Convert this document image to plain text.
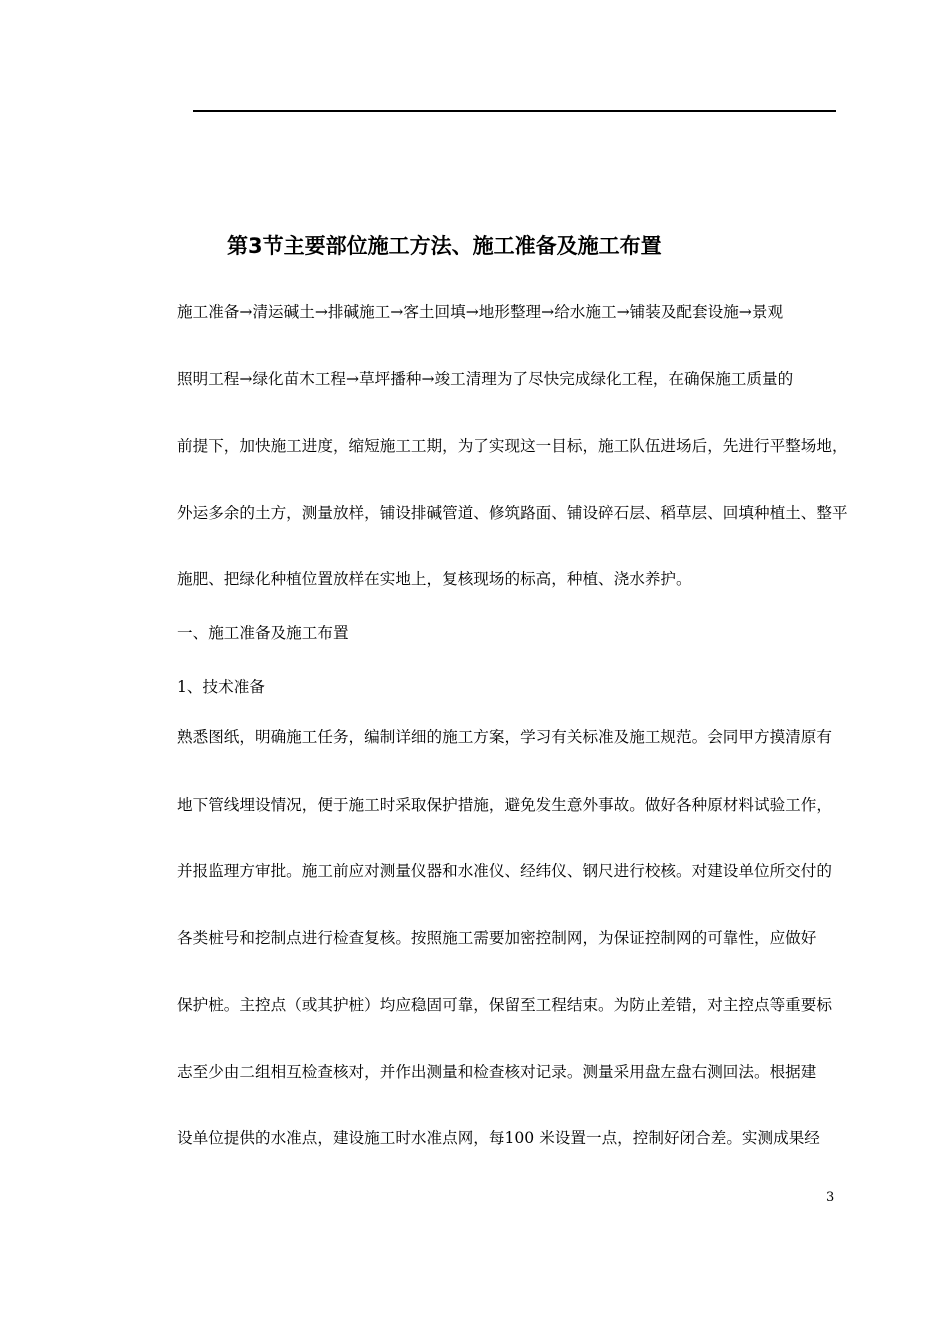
第3节主要部位施工方法、施工准备及施工布置
施工准备→清运碱土→排碱施工→客土回填→地形整理→给水施工→铺装及配套设施→景观
照明工程→绿化苗木工程→草坪播种→竣工清理为了尽快完成绿化工程，在确保施工质量的
前提下，加快施工进度，缩短施工工期，为了实现这一目标，施工队伍进场后，先进行平整场地，
外运多余的土方，测量放样，铺设排碱管道、修筑路面、铺设碎石层、稻草层、回填种植土、整平
施肥、把绿化种植位置放样在实地上，复核现场的标高，种植、浇水养护。
一、施工准备及施工布置
1、技术准备
熟悉图纸，明确施工任务，编制详细的施工方案，学习有关标准及施工规范。会同甲方摸清原有
地下管线埋设情况，便于施工时采取保护措施，避免发生意外事故。做好各种原材料试验工作，
并报监理方审批。施工前应对测量仪器和水准仪、经纬仪、钢尺进行校核。对建设单位所交付的
各类桩号和挖制点进行检查复核。按照施工需要加密控制网，为保证控制网的可靠性，应做好
保护桩。主控点（或其护桩）均应稳固可靠，保留至工程结束。为防止差错，对主控点等重要标
志至少由二组相互检查核对，并作出测量和检查核对记录。测量采用盘左盘右测回法。根据建
设单位提供的水准点，建设施工时水准点网，每100 米设置一点，控制好闭合差。实测成果经
3
